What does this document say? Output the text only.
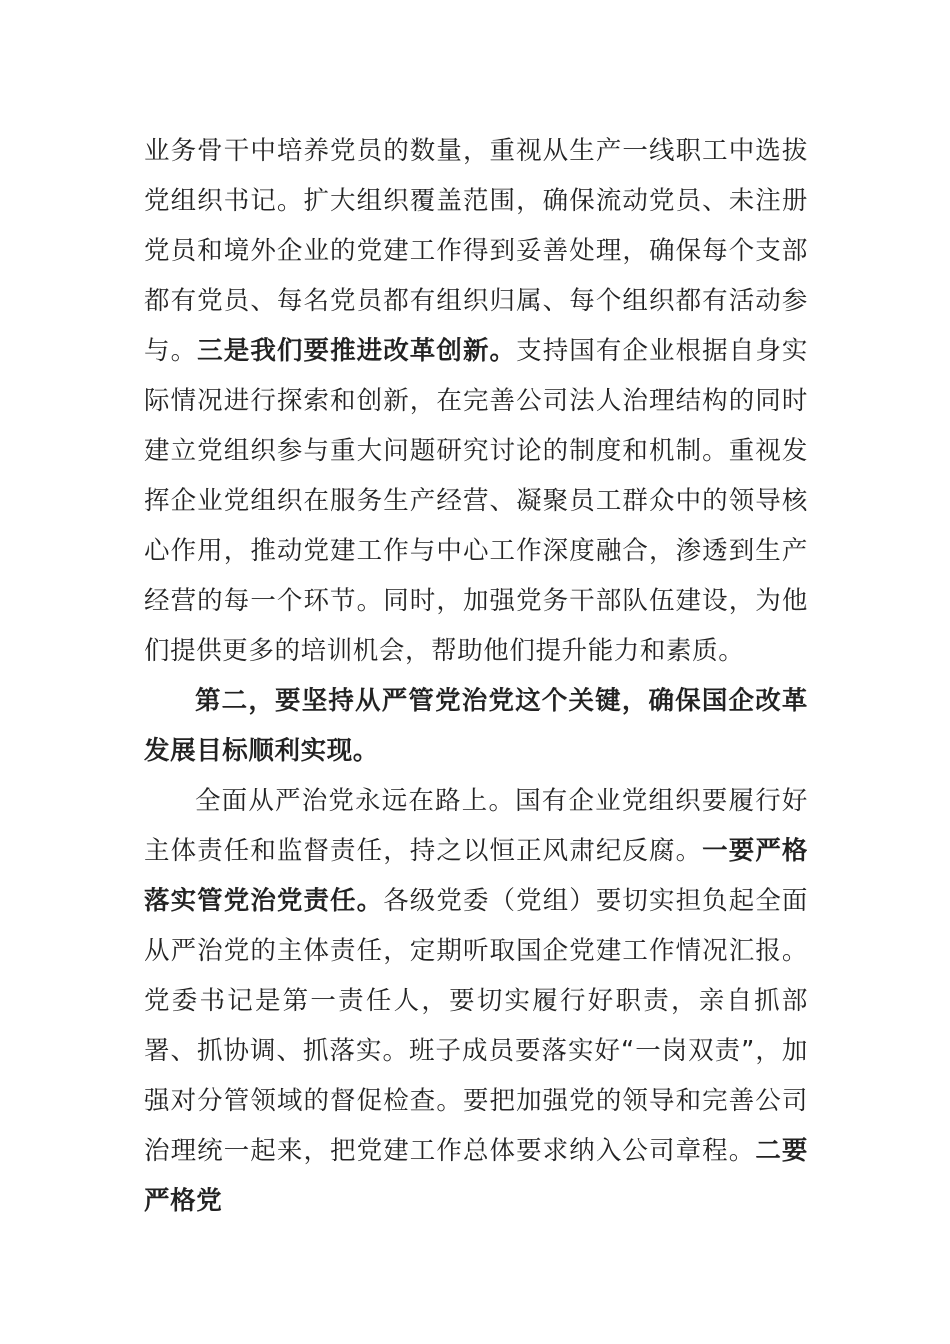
业务骨干中培养党员的数量，重视从生产一线职工中选拔党组织书记。扩大组织覆盖范围，确保流动党员、未注册党员和境外企业的党建工作得到妥善处理，确保每个支部都有党员、每名党员都有组织归属、每个组织都有活动参与。三是我们要推进改革创新。支持国有企业根据自身实际情况进行探索和创新，在完善公司法人治理结构的同时建立党组织参与重大问题研究讨论的制度和机制。重视发挥企业党组织在服务生产经营、凝聚员工群众中的领导核心作用，推动党建工作与中心工作深度融合，渗透到生产经营的每一个环节。同时，加强党务干部队伍建设，为他们提供更多的培训机会，帮助他们提升能力和素质。

第二，要坚持从严管党治党这个关键，确保国企改革发展目标顺利实现。

全面从严治党永远在路上。国有企业党组织要履行好主体责任和监督责任，持之以恒正风肃纪反腐。一要严格落实管党治党责任。各级党委（党组）要切实担负起全面从严治党的主体责任，定期听取国企党建工作情况汇报。党委书记是第一责任人，要切实履行好职责，亲自抓部署、抓协调、抓落实。班子成员要落实好“一岗双责”，加强对分管领域的督促检查。要把加强党的领导和完善公司治理统一起来，把党建工作总体要求纳入公司章程。二要严格党
